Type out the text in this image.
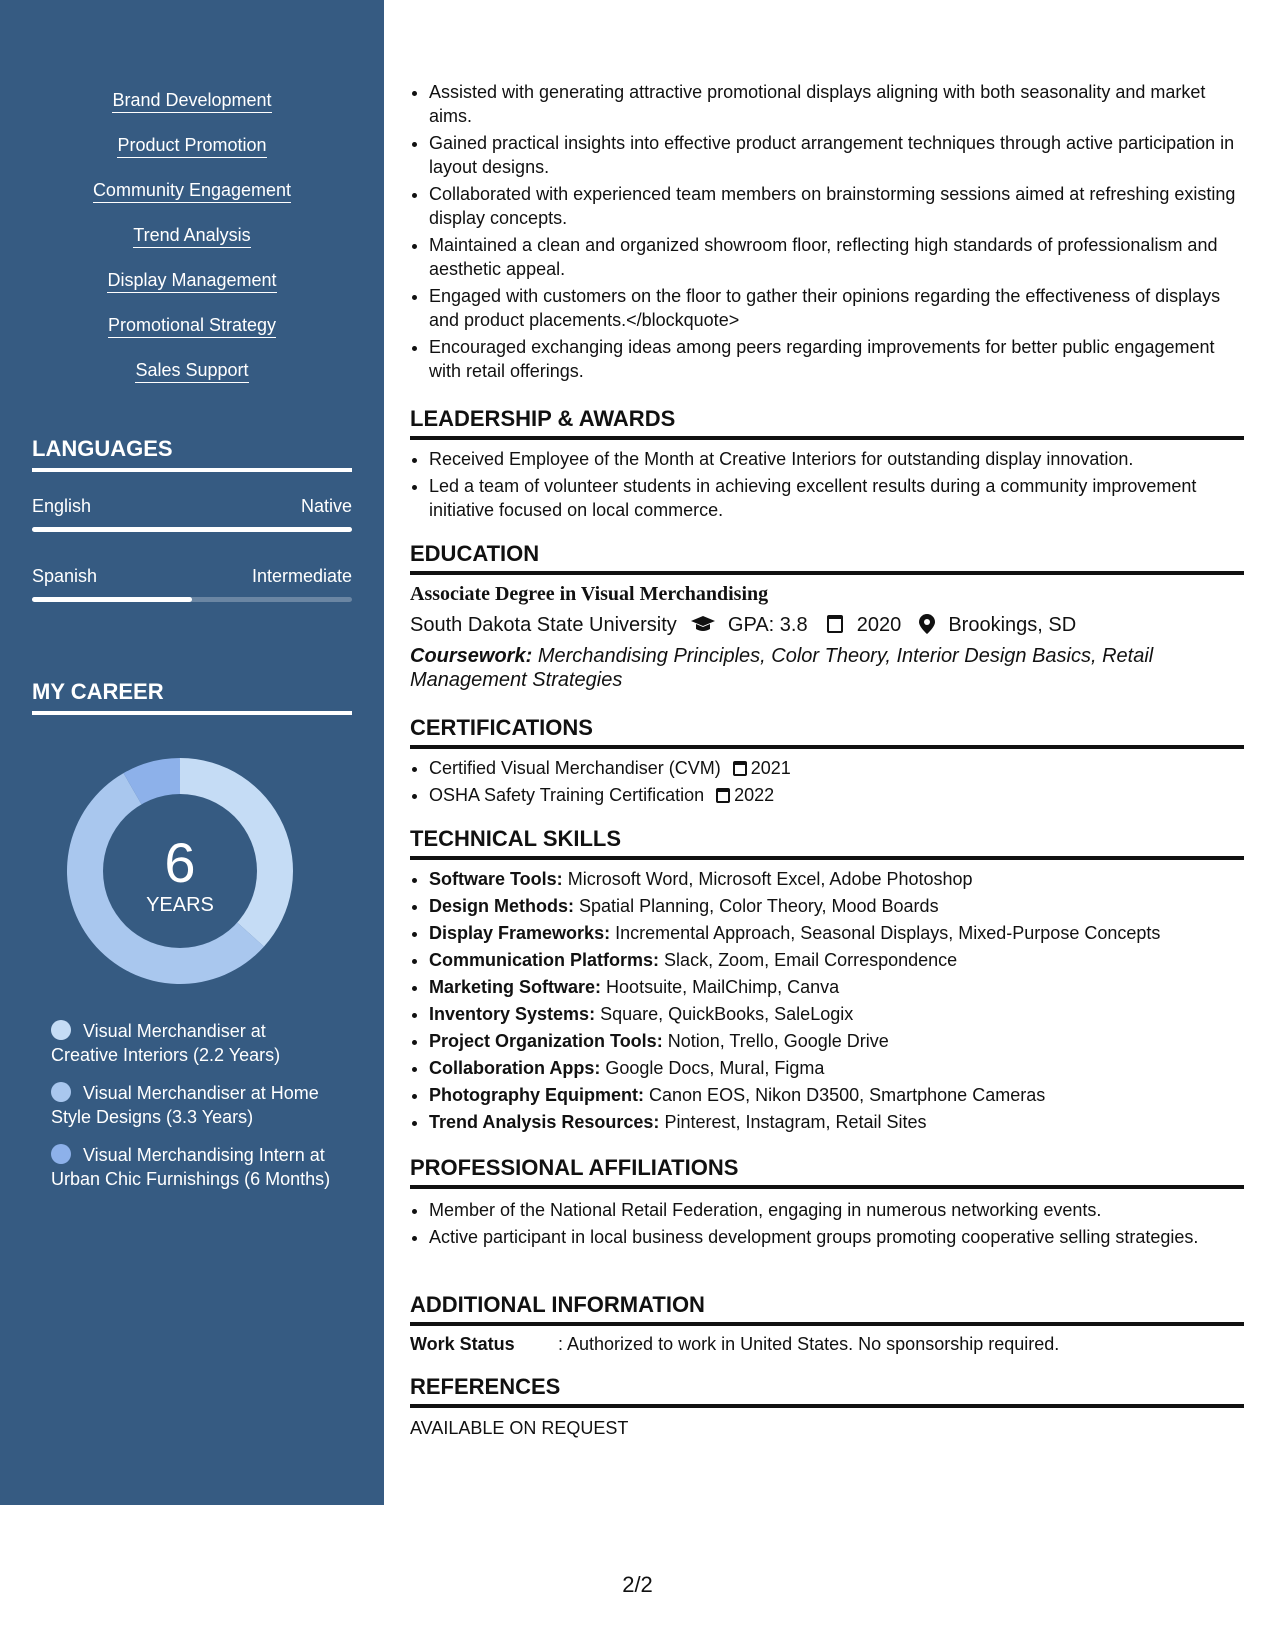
Brand Development
Product Promotion
Community Engagement
Trend Analysis
Display Management
Promotional Strategy
Sales Support
LANGUAGES
English	Native
Spanish	Intermediate
MY CAREER
6
YEARS
Visual Merchandiser at Creative Interiors (2.2 Years)
Visual Merchandiser at Home Style Designs (3.3 Years)
Visual Merchandising Intern at Urban Chic Furnishings (6 Months)
• Assisted with generating attractive promotional displays aligning with both seasonality and market aims.
• Gained practical insights into effective product arrangement techniques through active participation in layout designs.
• Collaborated with experienced team members on brainstorming sessions aimed at refreshing existing display concepts.
• Maintained a clean and organized showroom floor, reflecting high standards of professionalism and aesthetic appeal.
• Engaged with customers on the floor to gather their opinions regarding the effectiveness of displays and product placements.</blockquote>
• Encouraged exchanging ideas among peers regarding improvements for better public engagement with retail offerings.
LEADERSHIP & AWARDS
• Received Employee of the Month at Creative Interiors for outstanding display innovation.
• Led a team of volunteer students in achieving excellent results during a community improvement initiative focused on local commerce.
EDUCATION
Associate Degree in Visual Merchandising
South Dakota State University	GPA: 3.8 2020 Brookings, SD
Coursework: Merchandising Principles, Color Theory, Interior Design Basics, Retail Management Strategies
CERTIFICATIONS
• Certified Visual Merchandiser (CVM) 2021
• OSHA Safety Training Certification 2022
TECHNICAL SKILLS
• Software Tools: Microsoft Word, Microsoft Excel, Adobe Photoshop
• Design Methods: Spatial Planning, Color Theory, Mood Boards
• Display Frameworks: Incremental Approach, Seasonal Displays, Mixed-Purpose Concepts
• Communication Platforms: Slack, Zoom, Email Correspondence
• Marketing Software: Hootsuite, MailChimp, Canva
• Inventory Systems: Square, QuickBooks, SaleLogix
• Project Organization Tools: Notion, Trello, Google Drive
• Collaboration Apps: Google Docs, Mural, Figma
• Photography Equipment: Canon EOS, Nikon D3500, Smartphone Cameras
• Trend Analysis Resources: Pinterest, Instagram, Retail Sites
PROFESSIONAL AFFILIATIONS
• Member of the National Retail Federation, engaging in numerous networking events.
• Active participant in local business development groups promoting cooperative selling strategies.
ADDITIONAL INFORMATION
Work Status : Authorized to work in United States. No sponsorship required.
REFERENCES
AVAILABLE ON REQUEST
2/2
